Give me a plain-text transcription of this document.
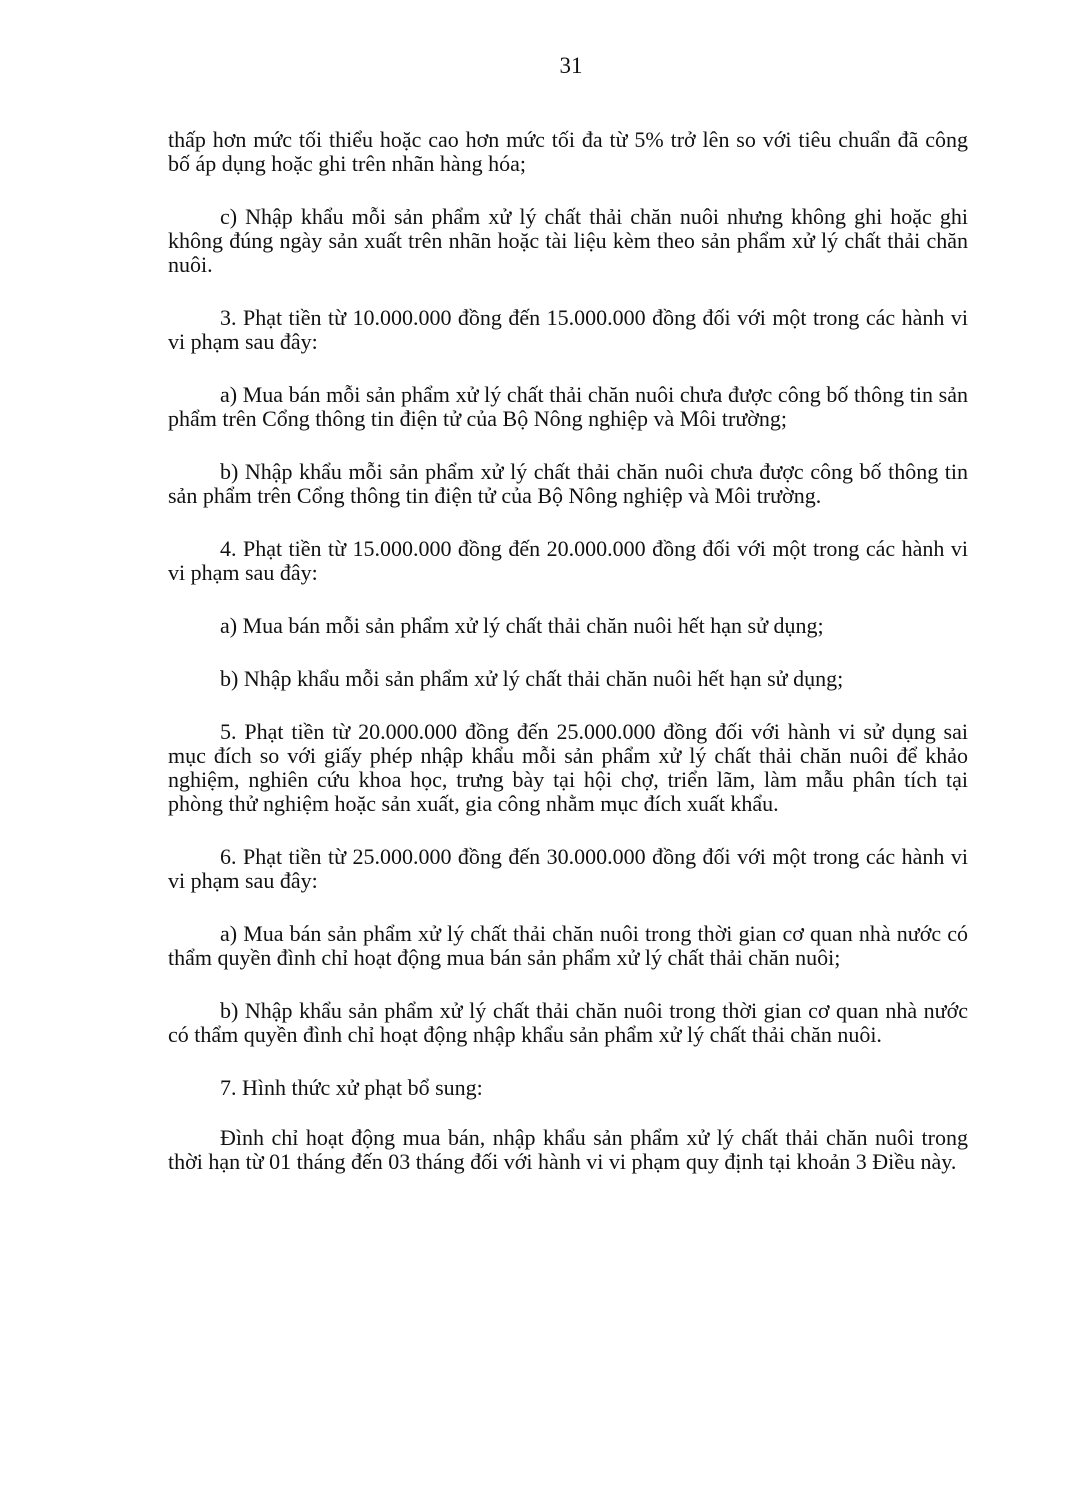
31

thấp hơn mức tối thiểu hoặc cao hơn mức tối đa từ 5% trở lên so với tiêu chuẩn đã công bố áp dụng hoặc ghi trên nhãn hàng hóa;

c) Nhập khẩu mỗi sản phẩm xử lý chất thải chăn nuôi nhưng không ghi hoặc ghi không đúng ngày sản xuất trên nhãn hoặc tài liệu kèm theo sản phẩm xử lý chất thải chăn nuôi.

3. Phạt tiền từ 10.000.000 đồng đến 15.000.000 đồng đối với một trong các hành vi vi phạm sau đây:

a) Mua bán mỗi sản phẩm xử lý chất thải chăn nuôi chưa được công bố thông tin sản phẩm trên Cổng thông tin điện tử của Bộ Nông nghiệp và Môi trường;

b) Nhập khẩu mỗi sản phẩm xử lý chất thải chăn nuôi chưa được công bố thông tin sản phẩm trên Cổng thông tin điện tử của Bộ Nông nghiệp và Môi trường.

4. Phạt tiền từ 15.000.000 đồng đến 20.000.000 đồng đối với một trong các hành vi vi phạm sau đây:

a) Mua bán mỗi sản phẩm xử lý chất thải chăn nuôi hết hạn sử dụng;

b) Nhập khẩu mỗi sản phẩm xử lý chất thải chăn nuôi hết hạn sử dụng;

5. Phạt tiền từ 20.000.000 đồng đến 25.000.000 đồng đối với hành vi sử dụng sai mục đích so với giấy phép nhập khẩu mỗi sản phẩm xử lý chất thải chăn nuôi để khảo nghiệm, nghiên cứu khoa học, trưng bày tại hội chợ, triển lãm, làm mẫu phân tích tại phòng thử nghiệm hoặc sản xuất, gia công nhằm mục đích xuất khẩu.

6. Phạt tiền từ 25.000.000 đồng đến 30.000.000 đồng đối với một trong các hành vi vi phạm sau đây:

a) Mua bán sản phẩm xử lý chất thải chăn nuôi trong thời gian cơ quan nhà nước có thẩm quyền đình chỉ hoạt động mua bán sản phẩm xử lý chất thải chăn nuôi;

b) Nhập khẩu sản phẩm xử lý chất thải chăn nuôi trong thời gian cơ quan nhà nước có thẩm quyền đình chỉ hoạt động nhập khẩu sản phẩm xử lý chất thải chăn nuôi.

7. Hình thức xử phạt bổ sung:

Đình chỉ hoạt động mua bán, nhập khẩu sản phẩm xử lý chất thải chăn nuôi trong thời hạn từ 01 tháng đến 03 tháng đối với hành vi vi phạm quy định tại khoản 3 Điều này.
